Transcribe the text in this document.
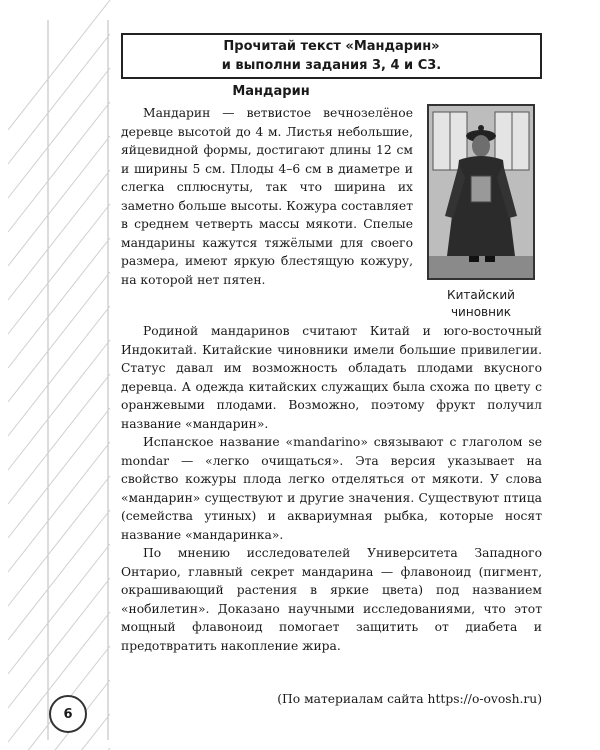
Прочитай текст «Мандарин»
и выполни задания 3, 4 и С3.
Мандарин

Мандарин — ветвистое вечнозелёное деревце высотой до 4 м. Листья небольшие, яйцевидной формы, достигают длины 12 см и ширины 5 см. Плоды 4–6 см в диаметре и слегка сплюснуты, так что ширина их заметно больше высоты. Кожура составляет в среднем четверть массы мякоти. Спелые мандарины кажутся тяжёлыми для своего размера, имеют яркую блестящую кожуру, на которой нет пятен.

Китайский
чиновник

Родиной мандаринов считают Китай и юго-восточный Индокитай. Китайские чиновники имели большие привилегии. Статус давал им возможность обладать плодами вкусного деревца. А одежда китайских служащих была схожа по цвету с оранжевыми плодами. Возможно, поэтому фрукт получил название «мандарин».

Испанское название «mandarino» связывают с глаголом se mondar — «легко очищаться». Эта версия указывает на свойство кожуры плода легко отделяться от мякоти. У слова «мандарин» существуют и другие значения. Существуют птица (семейства утиных) и аквариумная рыбка, которые носят название «мандаринка».

По мнению исследователей Университета Западного Онтарио, главный секрет мандарина — флавоноид (пигмент, окрашивающий растения в яркие цвета) под названием «нобилетин». Доказано научными исследованиями, что этот мощный флавоноид помогает защитить от диабета и предотвратить накопление жира.

(По материалам сайта https://o-ovosh.ru)
6
